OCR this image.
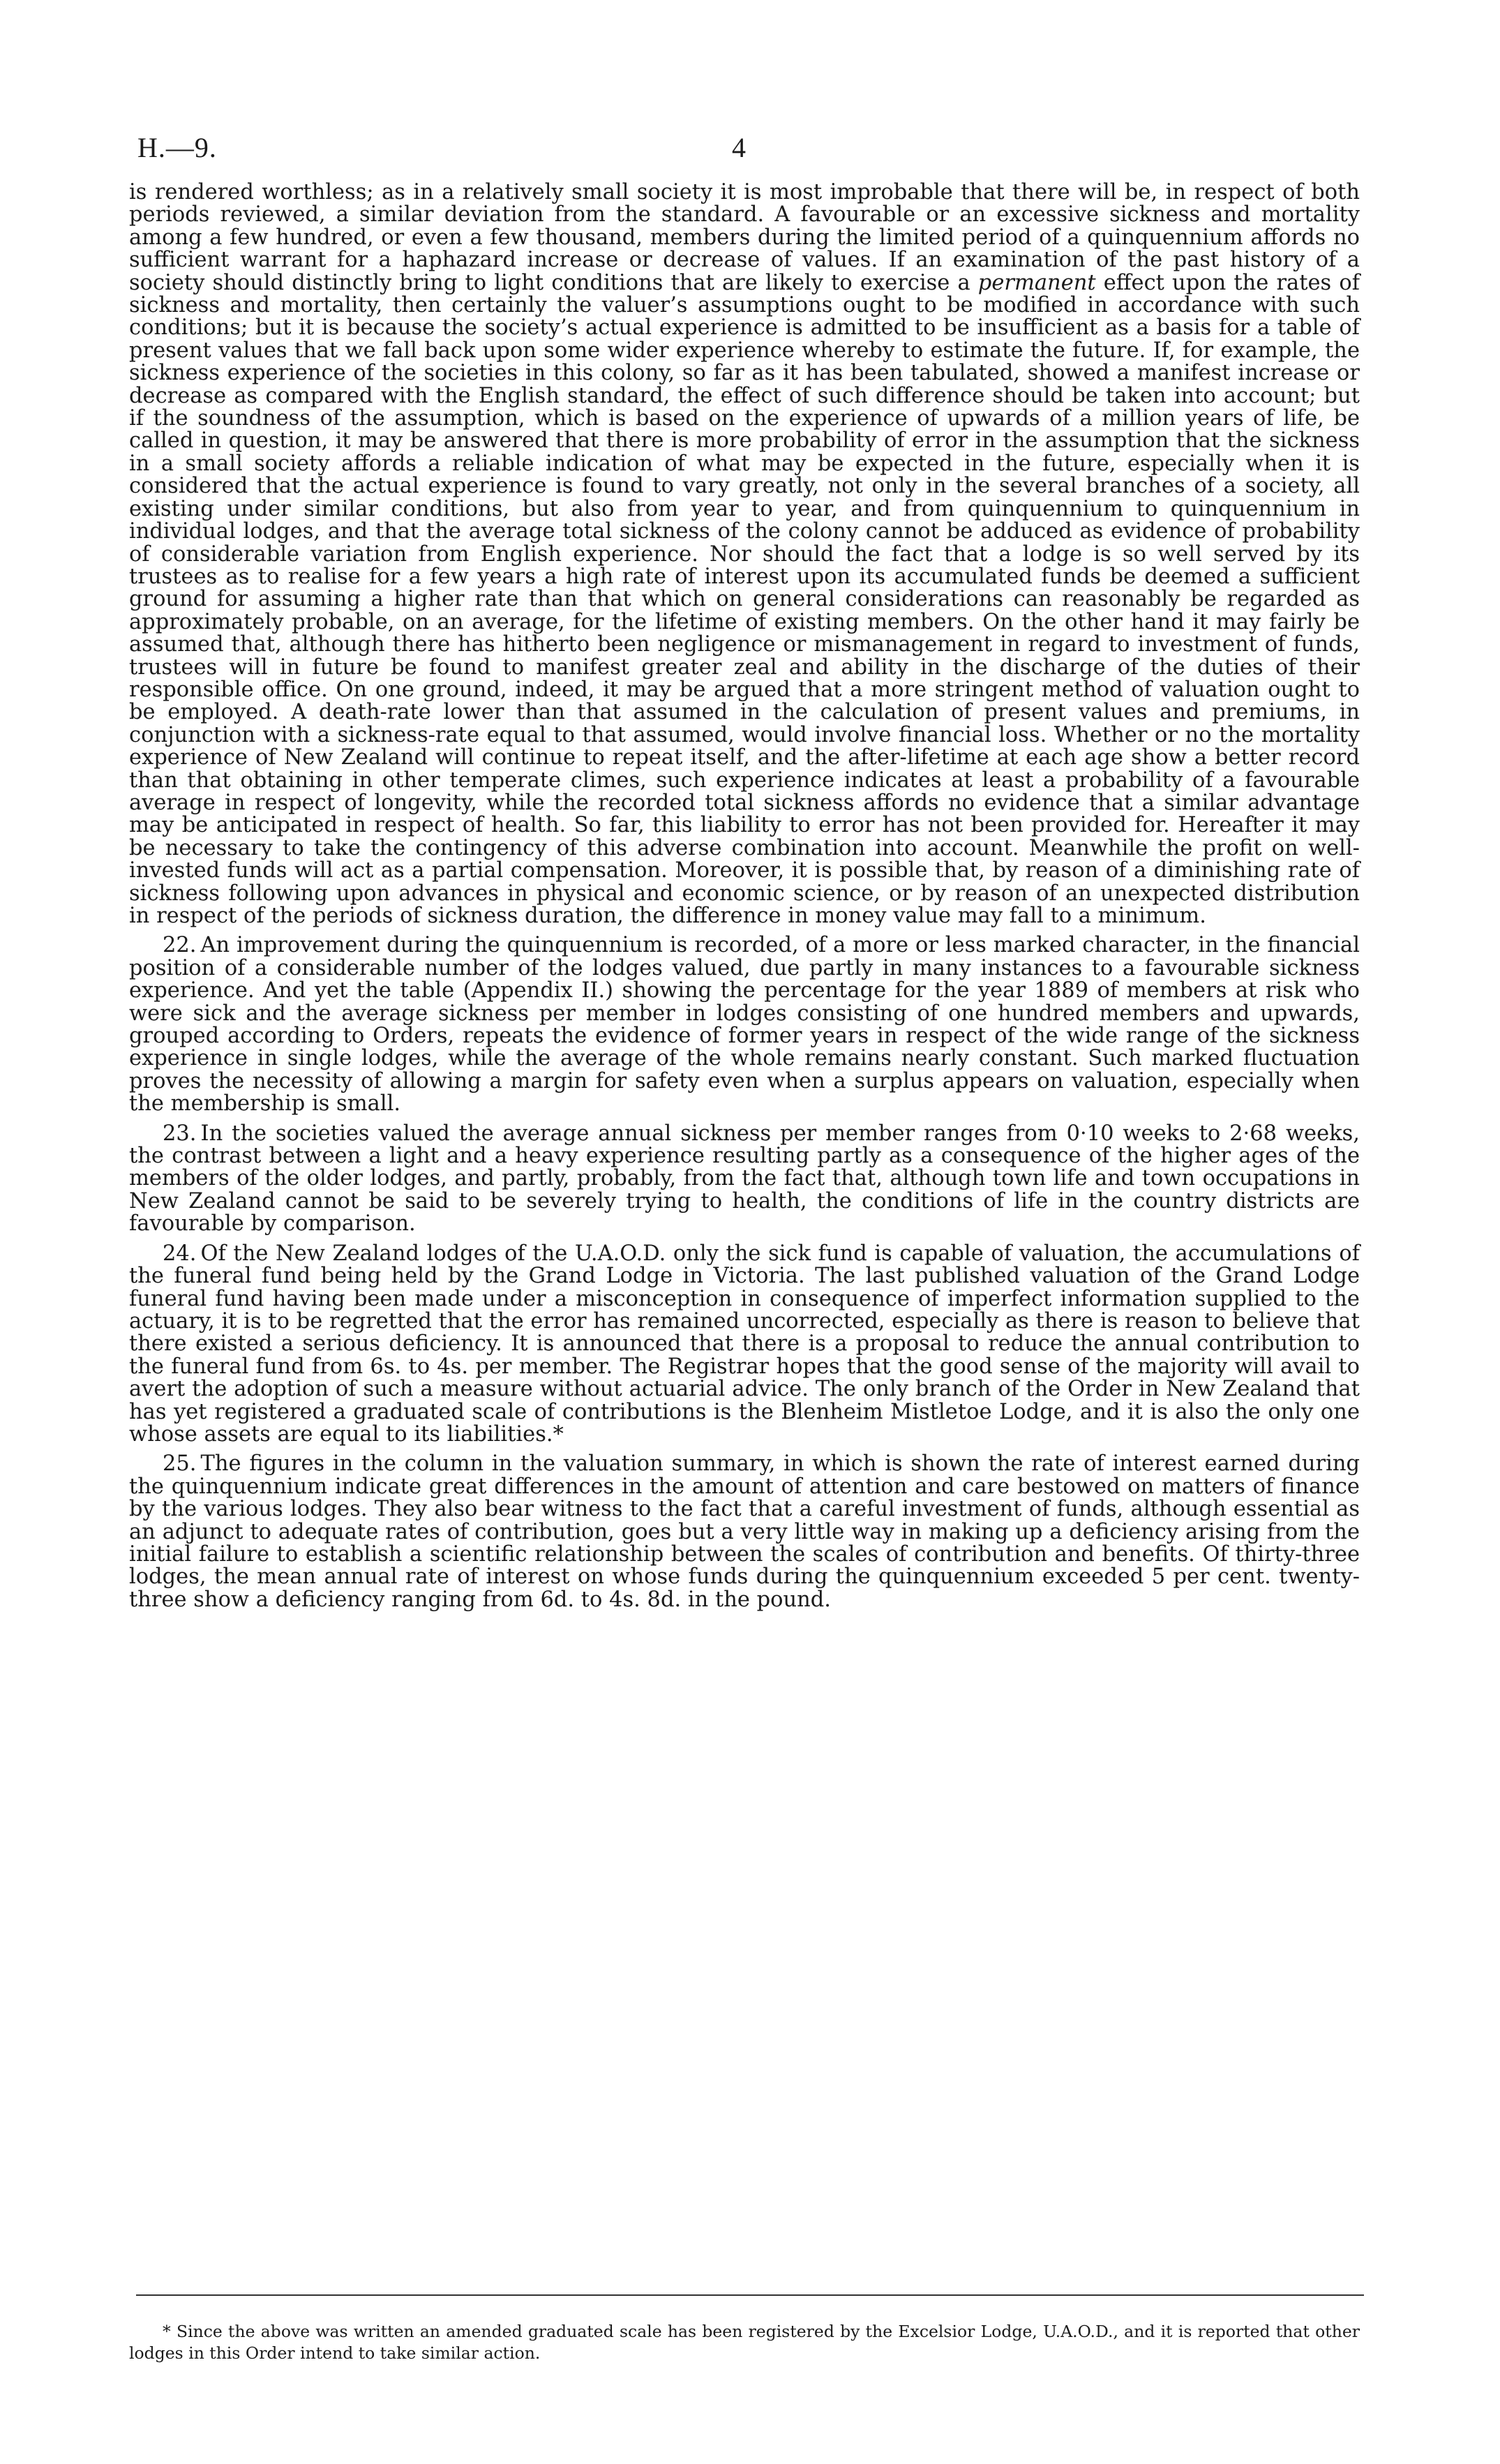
H.—9.	4

is rendered worthless; as in a relatively small society it is most improbable that there will be, in respect of both periods reviewed, a similar deviation from the standard. A favourable or an excessive sickness and mortality among a few hundred, or even a few thousand, members during the limited period of a quinquennium affords no sufficient warrant for a haphazard increase or decrease of values. If an examination of the past history of a society should distinctly bring to light conditions that are likely to exercise a permanent effect upon the rates of sickness and mortality, then certainly the valuer’s assumptions ought to be modified in accordance with such conditions; but it is because the society’s actual experience is admitted to be insufficient as a basis for a table of present values that we fall back upon some wider experience whereby to estimate the future. If, for example, the sickness experience of the societies in this colony, so far as it has been tabulated, showed a manifest increase or decrease as compared with the English standard, the effect of such difference should be taken into account; but if the soundness of the assumption, which is based on the experience of upwards of a million years of life, be called in question, it may be answered that there is more probability of error in the assumption that the sickness in a small society affords a reliable indication of what may be expected in the future, especially when it is considered that the actual experience is found to vary greatly, not only in the several branches of a society, all existing under similar conditions, but also from year to year, and from quinquennium to quinquennium in individual lodges, and that the average total sickness of the colony cannot be adduced as evidence of probability of considerable variation from English experience. Nor should the fact that a lodge is so well served by its trustees as to realise for a few years a high rate of interest upon its accumulated funds be deemed a sufficient ground for assuming a higher rate than that which on general considerations can reasonably be regarded as approximately probable, on an average, for the lifetime of existing members. On the other hand it may fairly be assumed that, although there has hitherto been negligence or mismanagement in regard to investment of funds, trustees will in future be found to manifest greater zeal and ability in the discharge of the duties of their responsible office. On one ground, indeed, it may be argued that a more stringent method of valuation ought to be employed. A death-rate lower than that assumed in the calculation of present values and premiums, in conjunction with a sickness-rate equal to that assumed, would involve financial loss. Whether or no the mortality experience of New Zealand will continue to repeat itself, and the after-lifetime at each age show a better record than that obtaining in other temperate climes, such experience indicates at least a probability of a favourable average in respect of longevity, while the recorded total sickness affords no evidence that a similar advantage may be anticipated in respect of health. So far, this liability to error has not been provided for. Hereafter it may be necessary to take the contingency of this adverse combination into account. Meanwhile the profit on well-invested funds will act as a partial compensation. Moreover, it is possible that, by reason of a diminishing rate of sickness following upon advances in physical and economic science, or by reason of an unexpected distribution in respect of the periods of sickness duration, the difference in money value may fall to a minimum.

22. An improvement during the quinquennium is recorded, of a more or less marked character, in the financial position of a considerable number of the lodges valued, due partly in many instances to a favourable sickness experience. And yet the table (Appendix II.) showing the percentage for the year 1889 of members at risk who were sick and the average sickness per member in lodges consisting of one hundred members and upwards, grouped according to Orders, repeats the evidence of former years in respect of the wide range of the sickness experience in single lodges, while the average of the whole remains nearly constant. Such marked fluctuation proves the necessity of allowing a margin for safety even when a surplus appears on valuation, especially when the membership is small.

23. In the societies valued the average annual sickness per member ranges from 0·10 weeks to 2·68 weeks, the contrast between a light and a heavy experience resulting partly as a consequence of the higher ages of the members of the older lodges, and partly, probably, from the fact that, although town life and town occupations in New Zealand cannot be said to be severely trying to health, the conditions of life in the country districts are favourable by comparison.

24. Of the New Zealand lodges of the U.A.O.D. only the sick fund is capable of valuation, the accumulations of the funeral fund being held by the Grand Lodge in Victoria. The last published valuation of the Grand Lodge funeral fund having been made under a misconception in consequence of imperfect information supplied to the actuary, it is to be regretted that the error has remained uncorrected, especially as there is reason to believe that there existed a serious deficiency. It is announced that there is a proposal to reduce the annual contribution to the funeral fund from 6s. to 4s. per member. The Registrar hopes that the good sense of the majority will avail to avert the adoption of such a measure without actuarial advice. The only branch of the Order in New Zealand that has yet registered a graduated scale of contributions is the Blenheim Mistletoe Lodge, and it is also the only one whose assets are equal to its liabilities.*

25. The figures in the column in the valuation summary, in which is shown the rate of interest earned during the quinquennium indicate great differences in the amount of attention and care bestowed on matters of finance by the various lodges. They also bear witness to the fact that a careful investment of funds, although essential as an adjunct to adequate rates of contribution, goes but a very little way in making up a deficiency arising from the initial failure to establish a scientific relationship between the scales of contribution and benefits. Of thirty-three lodges, the mean annual rate of interest on whose funds during the quinquennium exceeded 5 per cent. twenty-three show a deficiency ranging from 6d. to 4s. 8d. in the pound.

* Since the above was written an amended graduated scale has been registered by the Excelsior Lodge, U.A.O.D., and it is reported that other lodges in this Order intend to take similar action.
